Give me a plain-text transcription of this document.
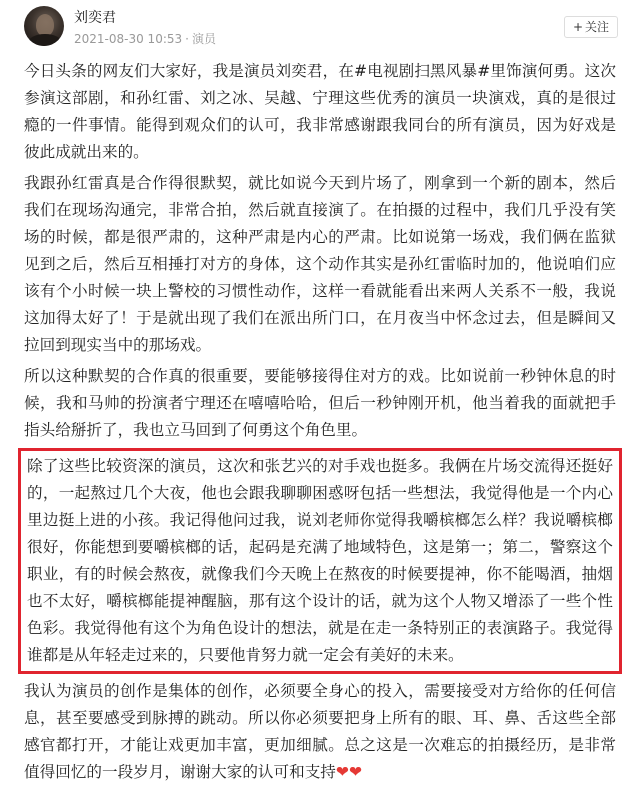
刘奕君
2021-08-30 10:53 · 演员
+ 关注

今日头条的网友们大家好，我是演员刘奕君，在#电视剧扫黑风暴#里饰演何勇。这次参演这部剧，和孙红雷、刘之冰、吴越、宁理这些优秀的演员一块演戏，真的是很过瘾的一件事情。能得到观众们的认可，我非常感谢跟我同台的所有演员，因为好戏是彼此成就出来的。

我跟孙红雷真是合作得很默契，就比如说今天到片场了，刚拿到一个新的剧本，然后我们在现场沟通完，非常合拍，然后就直接演了。在拍摄的过程中，我们几乎没有笑场的时候，都是很严肃的，这种严肃是内心的严肃。比如说第一场戏，我们俩在监狱见到之后，然后互相捶打对方的身体，这个动作其实是孙红雷临时加的，他说咱们应该有个小时候一块上警校的习惯性动作，这样一看就能看出来两人关系不一般，我说这加得太好了！于是就出现了我们在派出所门口，在月夜当中怀念过去，但是瞬间又拉回到现实当中的那场戏。

所以这种默契的合作真的很重要，要能够接得住对方的戏。比如说前一秒钟休息的时候，我和马帅的扮演者宁理还在嘻嘻哈哈，但后一秒钟刚开机，他当着我的面就把手指头给掰折了，我也立马回到了何勇这个角色里。

除了这些比较资深的演员，这次和张艺兴的对手戏也挺多。我俩在片场交流得还挺好的，一起熬过几个大夜，他也会跟我聊聊困惑呀包括一些想法，我觉得他是一个内心里边挺上进的小孩。我记得他问过我，说刘老师你觉得我嚼槟榔怎么样？我说嚼槟榔很好，你能想到要嚼槟榔的话，起码是充满了地域特色，这是第一；第二，警察这个职业，有的时候会熬夜，就像我们今天晚上在熬夜的时候要提神，你不能喝酒，抽烟也不太好，嚼槟榔能提神醒脑，那有这个设计的话，就为这个人物又增添了一些个性色彩。我觉得他有这个为角色设计的想法，就是在走一条特别正的表演路子。我觉得谁都是从年轻走过来的，只要他肯努力就一定会有美好的未来。

我认为演员的创作是集体的创作，必须要全身心的投入，需要接受对方给你的任何信息，甚至要感受到脉搏的跳动。所以你必须要把身上所有的眼、耳、鼻、舌这些全部感官都打开，才能让戏更加丰富，更加细腻。总之这是一次难忘的拍摄经历，是非常值得回忆的一段岁月，谢谢大家的认可和支持❤❤
